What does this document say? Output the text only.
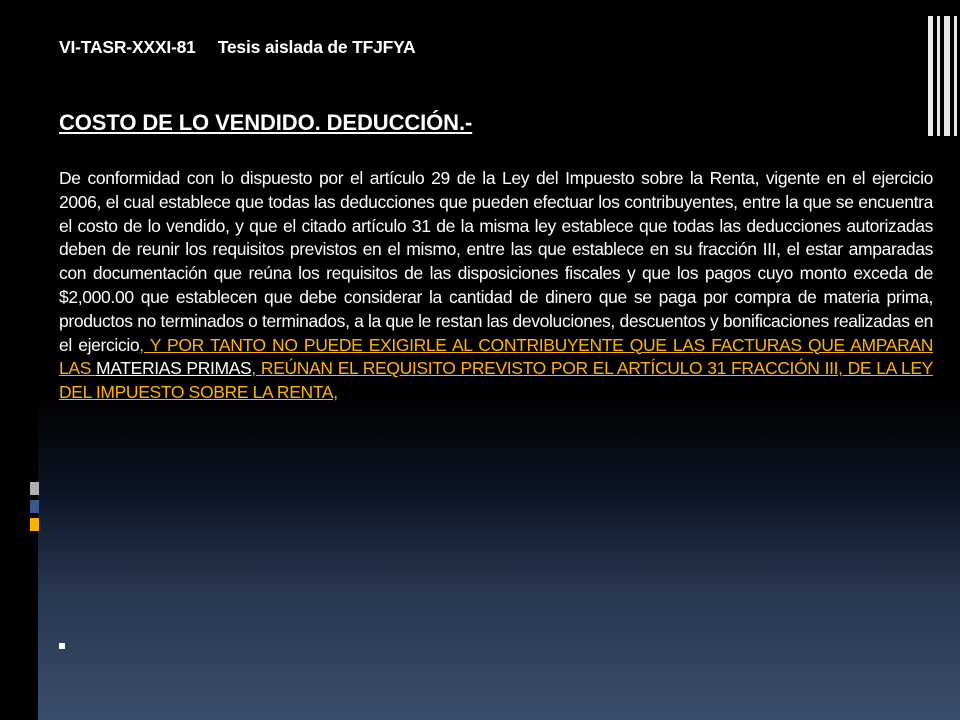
VI-TASR-XXXI-81 Tesis aislada de TFJFYA
COSTO DE LO VENDIDO. DEDUCCIÓN.-
De conformidad con lo dispuesto por el artículo 29 de la Ley del Impuesto sobre la Renta, vigente en el ejercicio 2006, el cual establece que todas las deducciones que pueden efectuar los contribuyentes, entre la que se encuentra el costo de lo vendido, y que el citado artículo 31 de la misma ley establece que todas las deducciones autorizadas deben de reunir los requisitos previstos en el mismo, entre las que establece en su fracción III, el estar amparadas con documentación que reúna los requisitos de las disposiciones fiscales y que los pagos cuyo monto exceda de $2,000.00 que establecen que debe considerar la cantidad de dinero que se paga por compra de materia prima, productos no terminados o terminados, a la que le restan las devoluciones, descuentos y bonificaciones realizadas en el ejercicio, Y POR TANTO NO PUEDE EXIGIRLE AL CONTRIBUYENTE QUE LAS FACTURAS QUE AMPARAN LAS MATERIAS PRIMAS, REÚNAN EL REQUISITO PREVISTO POR EL ARTÍCULO 31 FRACCIÓN III, DE LA LEY DEL IMPUESTO SOBRE LA RENTA,
